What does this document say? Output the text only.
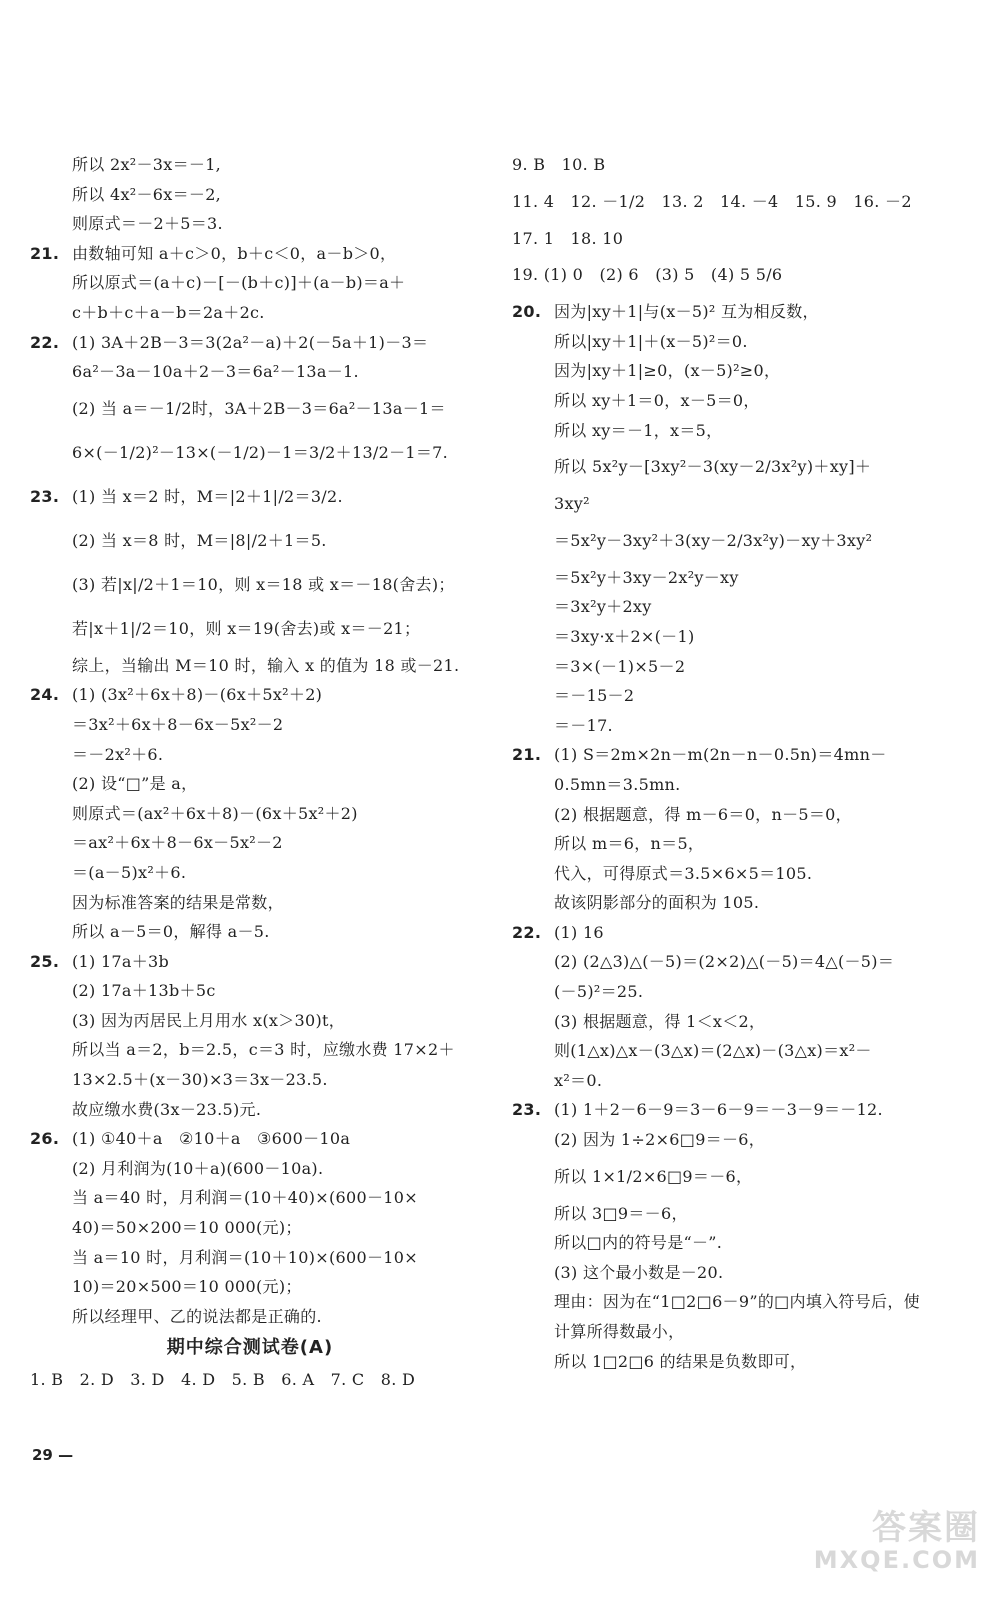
所以 2x²－3x＝－1,
所以 4x²－6x＝－2,
则原式＝－2＋5＝3.
21. 由数轴可知 a＋c＞0，b＋c＜0，a－b＞0，
所以原式＝(a＋c)－[－(b＋c)]＋(a－b)＝a＋
c＋b＋c＋a－b＝2a＋2c.
22. (1) 3A＋2B－3＝3(2a²－a)＋2(－5a＋1)－3＝
6a²－3a－10a＋2－3＝6a²－13a－1.
(2) 当 a＝－1/2时，3A＋2B－3＝6a²－13a－1＝
6×(－1/2)²－13×(－1/2)－1＝3/2＋13/2－1＝7.
23. (1) 当 x＝2 时，M＝|2＋1|/2＝3/2.
(2) 当 x＝8 时，M＝|8|/2＋1＝5.
(3) 若|x|/2＋1＝10，则 x＝18 或 x＝－18(舍去)；
若|x＋1|/2＝10，则 x＝19(舍去)或 x＝－21；
综上，当输出 M＝10 时，输入 x 的值为 18 或－21.
24. (1) (3x²＋6x＋8)－(6x＋5x²＋2)
＝3x²＋6x＋8－6x－5x²－2
＝－2x²＋6.
(2) 设“□”是 a，
则原式＝(ax²＋6x＋8)－(6x＋5x²＋2)
＝ax²＋6x＋8－6x－5x²－2
＝(a－5)x²＋6.
因为标准答案的结果是常数，
所以 a－5＝0，解得 a－5.
25. (1) 17a＋3b
(2) 17a＋13b＋5c
(3) 因为丙居民上月用水 x(x＞30)t，
所以当 a＝2，b＝2.5，c＝3 时，应缴水费 17×2＋
13×2.5＋(x－30)×3＝3x－23.5.
故应缴水费(3x－23.5)元.
26. (1) ①40＋a　②10＋a　③600－10a
(2) 月利润为(10＋a)(600－10a).
当 a＝40 时，月利润＝(10＋40)×(600－10×
40)＝50×200＝10 000(元)；
当 a＝10 时，月利润＝(10＋10)×(600－10×
10)＝20×500＝10 000(元)；
所以经理甲、乙的说法都是正确的.
期中综合测试卷(A)
1. B　2. D　3. D　4. D　5. B　6. A　7. C　8. D
9. B　10. B
11. 4　12. －1/2　13. 2　14. －4　15. 9　16. －2
17. 1　18. 10
19. (1) 0　(2) 6　(3) 5　(4) 5 5/6
20. 因为|xy＋1|与(x－5)² 互为相反数，
所以|xy＋1|＋(x－5)²＝0.
因为|xy＋1|≥0，(x－5)²≥0，
所以 xy＋1＝0，x－5＝0，
所以 xy＝－1，x＝5，
所以 5x²y－[3xy²－3(xy－2/3x²y)＋xy]＋
3xy²
＝5x²y－3xy²＋3(xy－2/3x²y)－xy＋3xy²
＝5x²y＋3xy－2x²y－xy
＝3x²y＋2xy
＝3xy·x＋2×(－1)
＝3×(－1)×5－2
＝－15－2
＝－17.
21. (1) S＝2m×2n－m(2n－n－0.5n)＝4mn－
0.5mn＝3.5mn.
(2) 根据题意，得 m－6＝0，n－5＝0，
所以 m＝6，n＝5，
代入，可得原式＝3.5×6×5＝105.
故该阴影部分的面积为 105.
22. (1) 16
(2) (2△3)△(－5)＝(2×2)△(－5)＝4△(－5)＝
(－5)²＝25.
(3) 根据题意，得 1＜x＜2，
则(1△x)△x－(3△x)＝(2△x)－(3△x)＝x²－
x²＝0.
23. (1) 1＋2－6－9＝3－6－9＝－3－9＝－12.
(2) 因为 1÷2×6□9＝－6，
所以 1×1/2×6□9＝－6，
所以 3□9＝－6，
所以□内的符号是“－”.
(3) 这个最小数是－20.
理由：因为在“1□2□6－9”的□内填入符号后，使
计算所得数最小，
所以 1□2□6 的结果是负数即可，
29 —
答案圈
MXQE.COM
